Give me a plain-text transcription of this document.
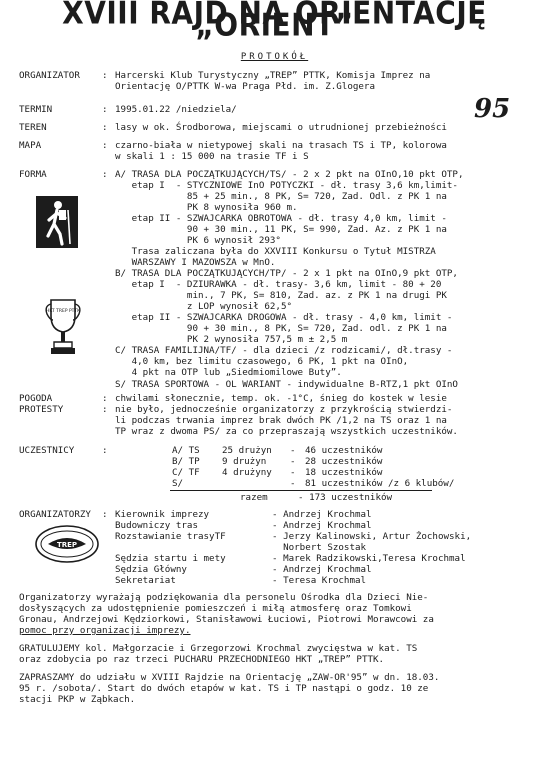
XVIII RAJD NA ORIENTACJĘ „ORIENT”
PROTOKÓŁ
95
ORGANIZATOR : Harcerski Klub Turystyczny „TREP” PTTK, Komisja Imprez na
Orientację O/PTTK W-wa Praga Płd. im. Z.Glogera
TERMIN	: 1995.01.22 /niedziela/
TEREN	: lasy w ok. Środborowa, miejscami o utrudnionej przebieżności
MAPA	: czarno-biała w nietypowej skali na trasach TS i TP, kolorowa
w skali 1 : 15 000 na trasie TF i S
FORMA	: A/ TRASA DLA POCZĄTKUJĄCYCH/TS/ - 2 x 2 pkt na OInO,10 pkt OTP,
etap I  - STYCZNIOWE InO POTYCZKI - dł. trasy 3,6 km,limit-
85 + 25 min., 8 PK, S= 720, Zad. Odl. z PK 1 na
PK 8 wynosiła 960 m.
etap II - SZWAJCARKA OBROTOWA - dł. trasy 4,0 km, limit -
90 + 30 min., 11 PK, S= 990, Zad. Az. z PK 1 na
PK 6 wynosił 293°
Trasa zaliczana była do XXVIII Konkursu o Tytuł MISTRZA
WARSZAWY I MAZOWSZA w MnO.
B/ TRASA DLA POCZĄTKUJĄCYCH/TP/ - 2 x 1 pkt na OInO,9 pkt OTP,
etap I  - DZIURAWKA - dł. trasy- 3,6 km, limit - 80 + 20
min., 7 PK, S= 810, Zad. az. z PK 1 na drugi PK
z LOP wynosił 62,5°
etap II - SZWAJCARKA DROGOWA - dł. trasy - 4,0 km, limit -
90 + 30 min., 8 PK, S= 720, Zad. odl. z PK 1 na
PK 2 wynosiła 757,5 m ± 2,5 m
C/ TRASA FAMILIJNA/TF/ - dla dzieci /z rodzicami/, dł.trasy -
4,0 km, bez limitu czasowego, 6 PK, 1 pkt na OInO,
4 pkt na OTP lub „Siedmiomilowe Buty”.
S/ TRASA SPORTOWA - OL WARIANT - indywidualne B-RTZ,1 pkt OInO
HKT TREP PTTK
POGODA	: chwilami słonecznie, temp. ok. -1°C, śnieg do kostek w lesie
PROTESTY	: nie było, jednocześnie organizatorzy z przykrością stwierdzi-
li podczas trwania imprez brak dwóch PK /1,2 na TS oraz 1 na
TP wraz z dwoma PS/ za co przepraszają wszystkich uczestników.
UCZESTNICY	:	A/ TS 25 drużyn - 46 uczestników
B/ TP 9 drużyn	- 28 uczestników
C/ TF 4 drużyny - 18 uczestników
S/	- 81 uczestników /z 6 klubów/
razem	- 173 uczestników
ORGANIZATORZY : Kierownik imprezy	- Andrzej Krochmal
Budowniczy tras	- Andrzej Krochmal
Rozstawianie trasyTF	- Jerzy Kalinowski, Artur Żochowski,
Norbert Szostak
Sędzia startu i mety	- Marek Radzikowski,Teresa Krochmal
Sędzia Główny	- Andrzej Krochmal
Sekretariat	- Teresa Krochmal
TREP
Organizatorzy wyrażają podziękowania dla personelu Ośrodka dla Dzieci Nie-
dosłyszących za udostępnienie pomieszczeń i miłą atmosferę oraz Tomkowi
Gronau, Andrzejowi Kędziorkowi, Stanisławowi Łuciowi, Piotrowi Morawcowi za
pomoc przy organizacji imprezy.
GRATULUJEMY kol. Małgorzacie i Grzegorzowi Krochmal zwycięstwa w kat. TS
oraz zdobycia po raz trzeci PUCHARU PRZECHODNIEGO HKT „TREP” PTTK.
ZAPRASZAMY do udziału w XVIII Rajdzie na Orientację „ZAW-OR'95” w dn. 18.03.
95 r. /sobota/. Start do dwóch etapów w kat. TS i TP nastąpi o godz. 10 ze
stacji PKP w Ząbkach.
